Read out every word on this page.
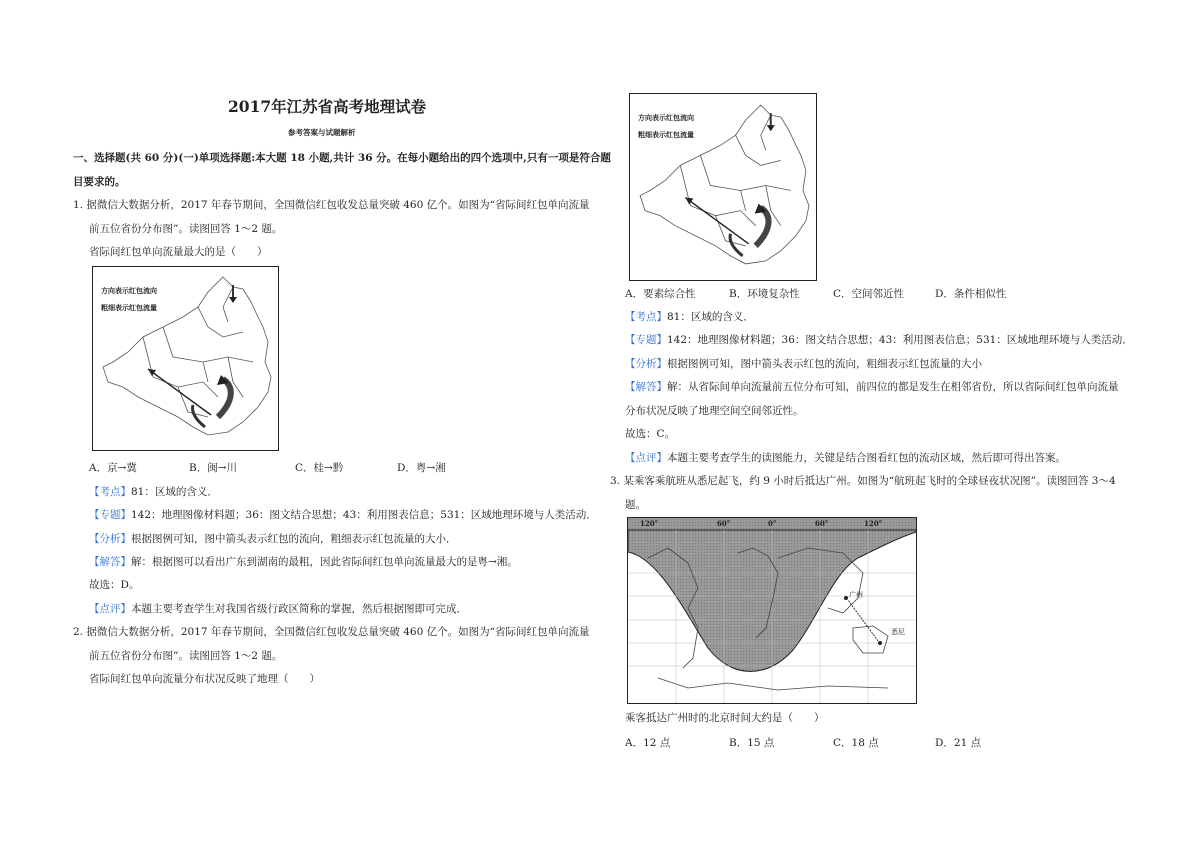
2017年江苏省高考地理试卷
参考答案与试题解析
一、选择题(共 60 分)(一)单项选择题:本大题 18 小题,共计 36 分。在每小题给出的四个选项中,只有一项是符合题
目要求的。
1. 据微信大数据分析，2017 年春节期间，全国微信红包收发总量突破 460 亿个。如图为“省际间红包单向流量
前五位省份分布图”。读图回答 1～2 题。
省际间红包单向流量最大的是（　　）
方向表示红包流向
粗细表示红包流量
A．京→冀	B．闽→川	C．桂→黔	D．粤→湘
【考点】81：区域的含义．
【专题】142：地理图像材料题；36：图文结合思想；43：利用图表信息；531：区域地理环境与人类活动．
【分析】根据图例可知，图中箭头表示红包的流向，粗细表示红包流量的大小．
【解答】解：根据图可以看出广东到湖南的最粗，因此省际间红包单向流量最大的是粤→湘。
故选：D。
【点评】本题主要考查学生对我国省级行政区简称的掌握，然后根据图即可完成．
2. 据微信大数据分析，2017 年春节期间，全国微信红包收发总量突破 460 亿个。如图为“省际间红包单向流量
前五位省份分布图”。读图回答 1～2 题。
省际间红包单向流量分布状况反映了地理（　　）
方向表示红包流向
粗细表示红包流量
A．要素综合性	B．环境复杂性	C．空间邻近性	D．条件相似性
【考点】81：区域的含义．
【专题】142：地理图像材料题；36：图文结合思想；43：利用图表信息；531：区域地理环境与人类活动．
【分析】根据图例可知，图中箭头表示红包的流向，粗细表示红包流量的大小
【解答】解：从省际间单向流量前五位分布可知，前四位的都是发生在相邻省份，所以省际间红包单向流量
分布状况反映了地理空间空间邻近性。
故选：C。
【点评】本题主要考查学生的读图能力，关键是结合图看红包的流动区域，然后即可得出答案。
3. 某乘客乘航班从悉尼起飞，约 9 小时后抵达广州。如图为“航班起飞时的全球昼夜状况图”。读图回答 3～4
题。
120°	60°	0°	60°	120°
广州
悉尼
乘客抵达广州时的北京时间大约是（　　）
A．12 点	B．15 点	C．18 点	D．21 点
